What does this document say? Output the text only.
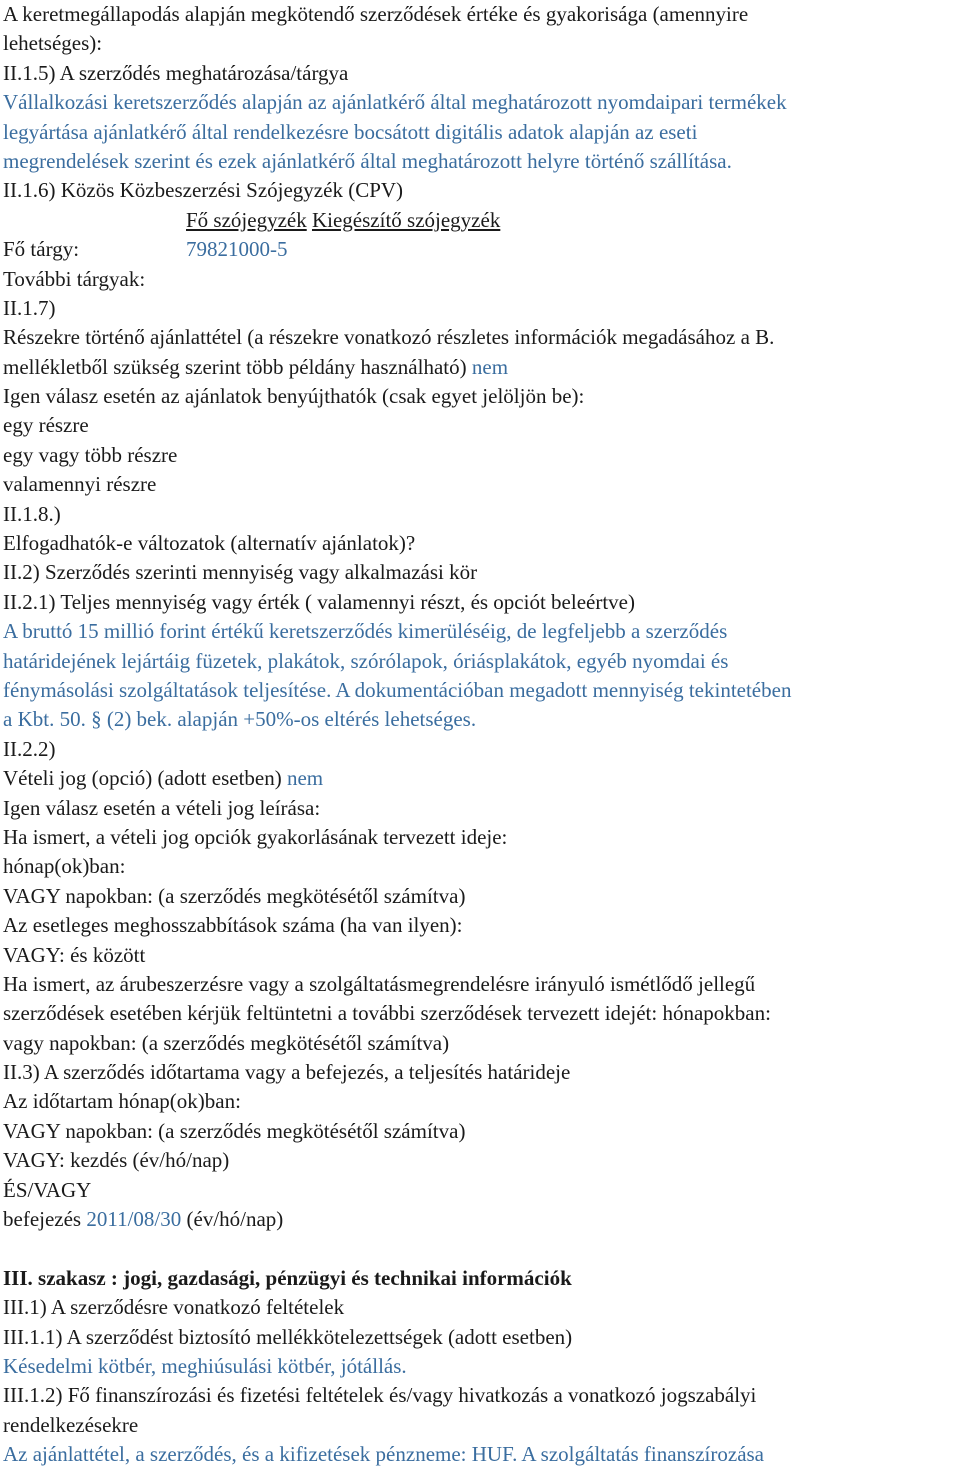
A keretmegállapodás alapján megkötendő szerződések értéke és gyakorisága (amennyire
lehetséges):
II.1.5) A szerződés meghatározása/tárgya
Vállalkozási keretszerződés alapján az ajánlatkérő által meghatározott nyomdaipari termékek
legyártása ajánlatkérő által rendelkezésre bocsátott digitális adatok alapján az eseti
megrendelések szerint és ezek ajánlatkérő által meghatározott helyre történő szállítása.
II.1.6) Közös Közbeszerzési Szójegyzék (CPV)
Fő szójegyzék Kiegészítő szójegyzék
Fő tárgy:	79821000-5
További tárgyak:
II.1.7)
Részekre történő ajánlattétel (a részekre vonatkozó részletes információk megadásához a B.
mellékletből szükség szerint több példány használható) nem
Igen válasz esetén az ajánlatok benyújthatók (csak egyet jelöljön be):
egy részre
egy vagy több részre
valamennyi részre
II.1.8.)
Elfogadhatók-e változatok (alternatív ajánlatok)?
II.2) Szerződés szerinti mennyiség vagy alkalmazási kör
II.2.1) Teljes mennyiség vagy érték ( valamennyi részt, és opciót beleértve)
A bruttó 15 millió forint értékű keretszerződés kimerüléséig, de legfeljebb a szerződés
határidejének lejártáig füzetek, plakátok, szórólapok, óriásplakátok, egyéb nyomdai és
fénymásolási szolgáltatások teljesítése. A dokumentációban megadott mennyiség tekintetében
a Kbt. 50. § (2) bek. alapján +50%-os eltérés lehetséges.
II.2.2)
Vételi jog (opció) (adott esetben) nem
Igen válasz esetén a vételi jog leírása:
Ha ismert, a vételi jog opciók gyakorlásának tervezett ideje:
hónap(ok)ban:
VAGY napokban: (a szerződés megkötésétől számítva)
Az esetleges meghosszabbítások száma (ha van ilyen):
VAGY: és között
Ha ismert, az árubeszerzésre vagy a szolgáltatásmegrendelésre irányuló ismétlődő jellegű
szerződések esetében kérjük feltüntetni a további szerződések tervezett idejét: hónapokban:
vagy napokban: (a szerződés megkötésétől számítva)
II.3) A szerződés időtartama vagy a befejezés, a teljesítés határideje
Az időtartam hónap(ok)ban:
VAGY napokban: (a szerződés megkötésétől számítva)
VAGY: kezdés (év/hó/nap)
ÉS/VAGY
befejezés 2011/08/30 (év/hó/nap)
III. szakasz : jogi, gazdasági, pénzügyi és technikai információk
III.1) A szerződésre vonatkozó feltételek
III.1.1) A szerződést biztosító mellékkötelezettségek (adott esetben)
Késedelmi kötbér, meghiúsulási kötbér, jótállás.
III.1.2) Fő finanszírozási és fizetési feltételek és/vagy hivatkozás a vonatkozó jogszabályi
rendelkezésekre
Az ajánlattétel, a szerződés, és a kifizetések pénzneme: HUF. A szolgáltatás finanszírozása
